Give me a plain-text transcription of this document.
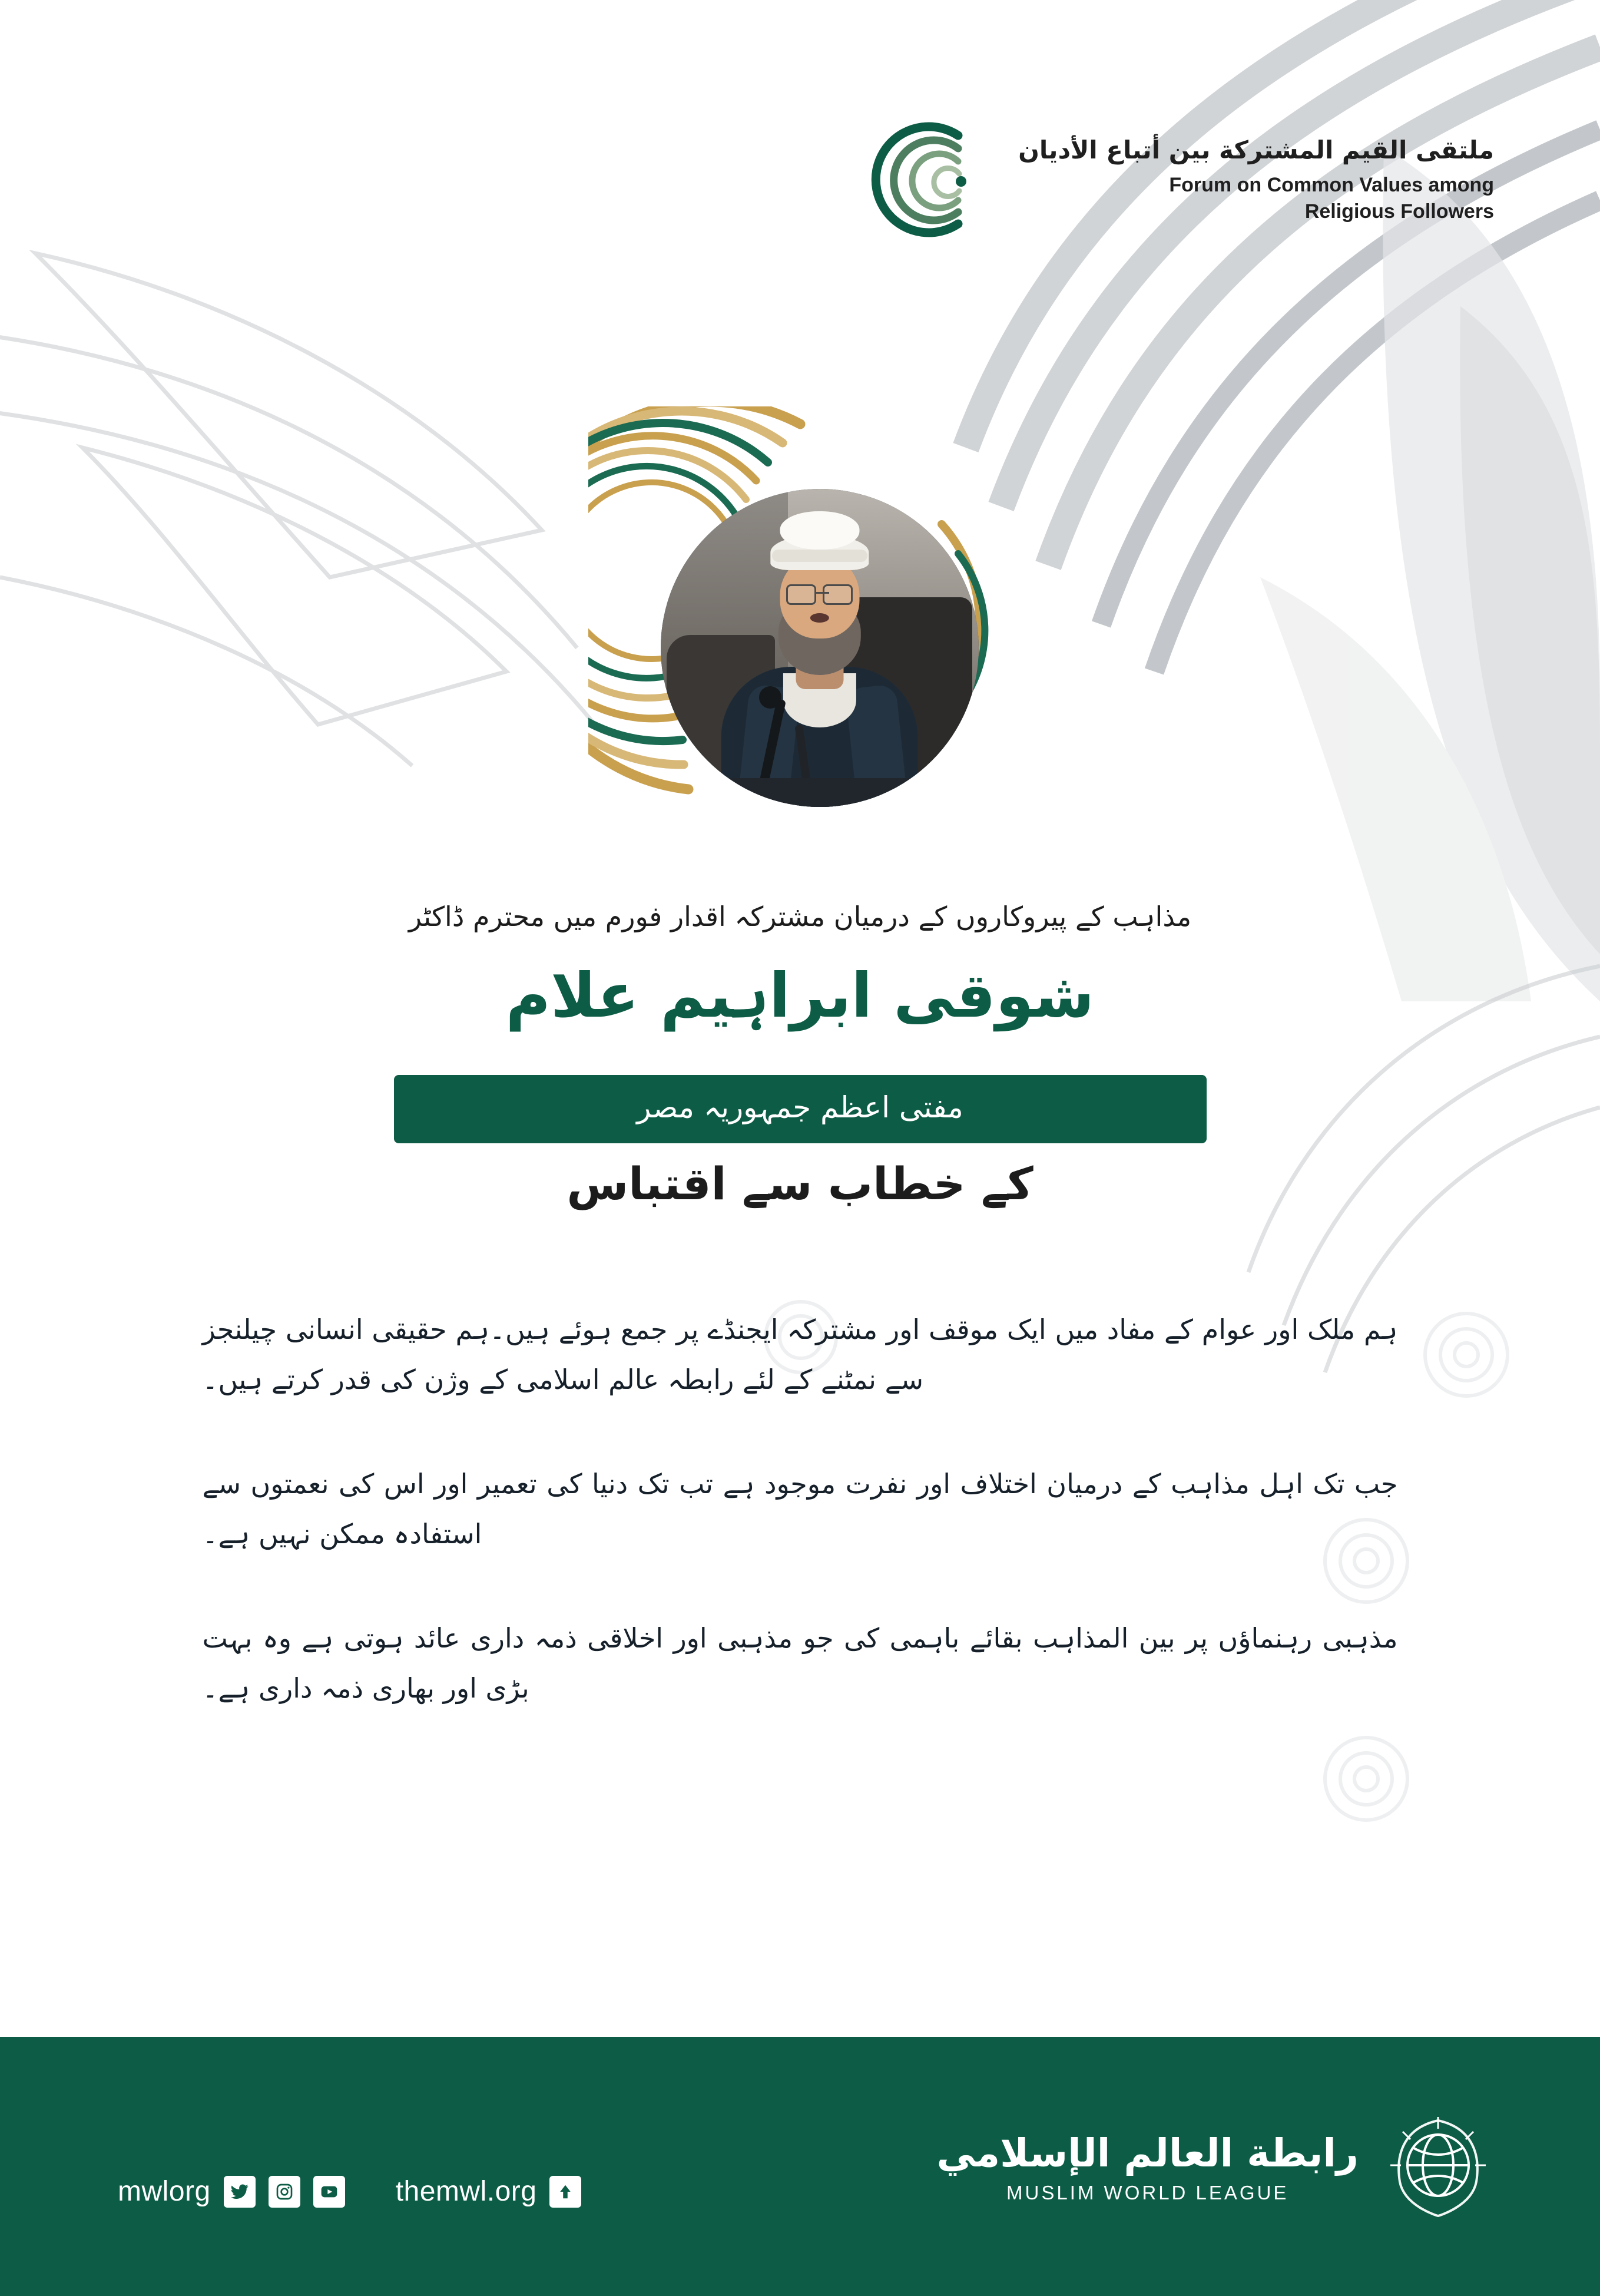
ملتقى القيم المشتركة بين أتباع الأديان
Forum on Common Values among
Religious Followers
مذاہب کے پیروکاروں کے درمیان مشترکہ اقدار فورم میں محترم ڈاکٹر
شوقی ابراہیم علام
مفتی اعظم جمہوریہ مصر
کے خطاب سے اقتباس

ہم ملک اور عوام کے مفاد میں ایک موقف اور مشترکہ ایجنڈے پر جمع ہوئے ہیں۔ہم حقیقی انسانی چیلنجز سے نمٹنے کے لئے رابطہ عالم اسلامی کے وژن کی قدر کرتے ہیں۔

جب تک اہل مذاہب کے درمیان اختلاف اور نفرت موجود ہے تب تک دنیا کی تعمیر اور اس کی نعمتوں سے استفادہ ممکن نہیں ہے۔

مذہبی رہنماؤں پر بین المذاہب بقائے باہمی کی جو مذہبی اور اخلاقی ذمہ داری عائد ہوتی ہے وہ بہت بڑی اور بھاری ذمہ داری ہے۔

mwlorg	themwl.org
رابطة العالم الإسلامي
MUSLIM WORLD LEAGUE
